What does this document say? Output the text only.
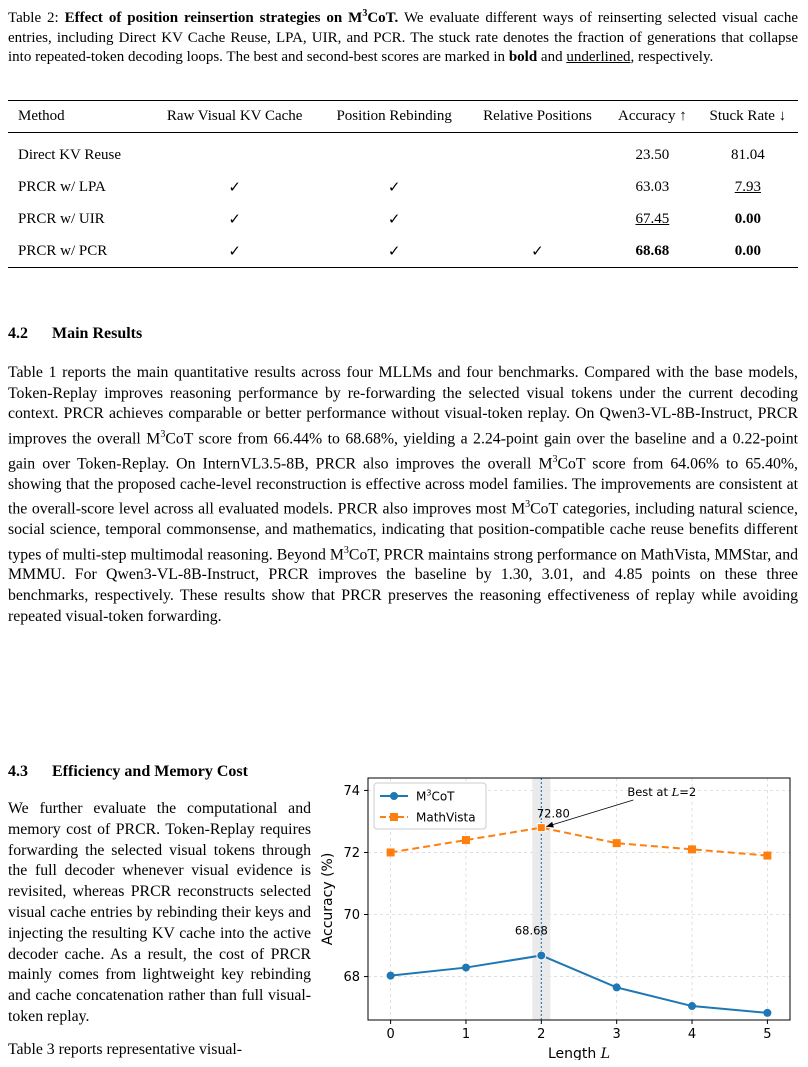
Table 2: Effect of position reinsertion strategies on $M^3CoT$. We evaluate different ways of reinserting selected visual cache entries, including Direct KV Cache Reuse, LPA, UIR, and PCR. The stuck rate denotes the fraction of generations that collapse into repeated-token decoding loops. The best and second-best scores are marked in bold and underlined, respectively.
Method	Raw Visual KV Cache	Position Rebinding	Relative Positions	Accuracy ↑	Stuck Rate ↓
Direct KV Reuse				23.50	81.04
PRCR w/ LPA	✓	✓		63.03	7.93
PRCR w/ UIR	✓	✓		67.45	0.00
PRCR w/ PCR	✓	✓	✓	68.68	0.00
4.2 Main Results
Table 1 reports the main quantitative results across four MLLMs and four benchmarks. Compared with the base models, Token-Replay improves reasoning performance by re-forwarding the selected visual tokens under the current decoding context. PRCR achieves comparable or better performance without visual-token replay. On Qwen3-VL-8B-Instruct, PRCR improves the overall $M^3CoT$ score from 66.44% to 68.68%, yielding a 2.24-point gain over the baseline and a 0.22-point gain over Token-Replay. On InternVL3.5-8B, PRCR also improves the overall $M^3CoT$ score from 64.06% to 65.40%, showing that the proposed cache-level reconstruction is effective across model families. The improvements are consistent at the overall-score level across all evaluated models. PRCR also improves most $M^3CoT$ categories, including natural science, social science, temporal commonsense, and mathematics, indicating that position-compatible cache reuse benefits different types of multi-step multimodal reasoning. Beyond $M^3CoT$, PRCR maintains strong performance on MathVista, MMStar, and MMMU. For Qwen3-VL-8B-Instruct, PRCR improves the baseline by 1.30, 3.01, and 4.85 points on these three benchmarks, respectively. These results show that PRCR preserves the reasoning effectiveness of replay while avoiding repeated visual-token forwarding.
4.3 Efficiency and Memory Cost
We further evaluate the computational and memory cost of PRCR. Token-Replay requires forwarding the selected visual tokens through the full decoder whenever visual evidence is revisited, whereas PRCR reconstructs selected visual cache entries by rebinding their keys and injecting the resulting KV cache into the active decoder cache. As a result, the cost of PRCR mainly comes from lightweight key rebinding and cache concatenation rather than full visual-token replay.
Table 3 reports representative visual-
68
70
72
74
0	1	2	3	4	5
Accuracy (%)
Length L
Best at L=2
72.80
68.68
$M^3CoT$
MathVista
